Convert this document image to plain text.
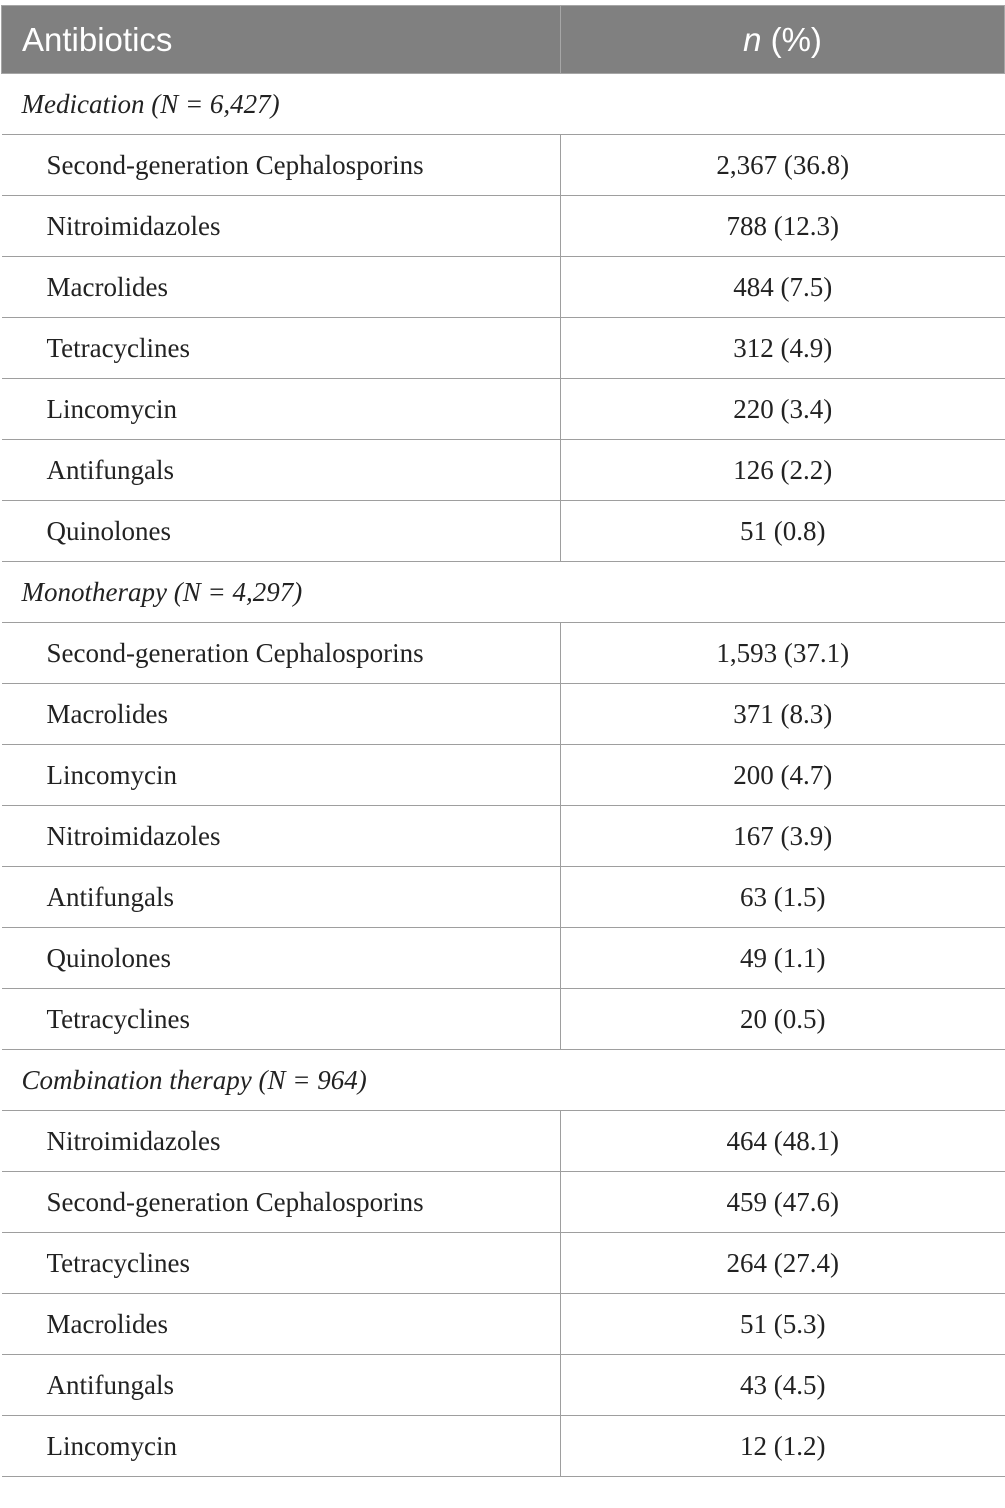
Antibiotics	n (%)
Medication (N = 6,427)	
Second-generation Cephalosporins	2,367 (36.8)
Nitroimidazoles	788 (12.3)
Macrolides	484 (7.5)
Tetracyclines	312 (4.9)
Lincomycin	220 (3.4)
Antifungals	126 (2.2)
Quinolones	51 (0.8)
Monotherapy (N = 4,297)	
Second-generation Cephalosporins	1,593 (37.1)
Macrolides	371 (8.3)
Lincomycin	200 (4.7)
Nitroimidazoles	167 (3.9)
Antifungals	63 (1.5)
Quinolones	49 (1.1)
Tetracyclines	20 (0.5)
Combination therapy (N = 964)	
Nitroimidazoles	464 (48.1)
Second-generation Cephalosporins	459 (47.6)
Tetracyclines	264 (27.4)
Macrolides	51 (5.3)
Antifungals	43 (4.5)
Lincomycin	12 (1.2)
